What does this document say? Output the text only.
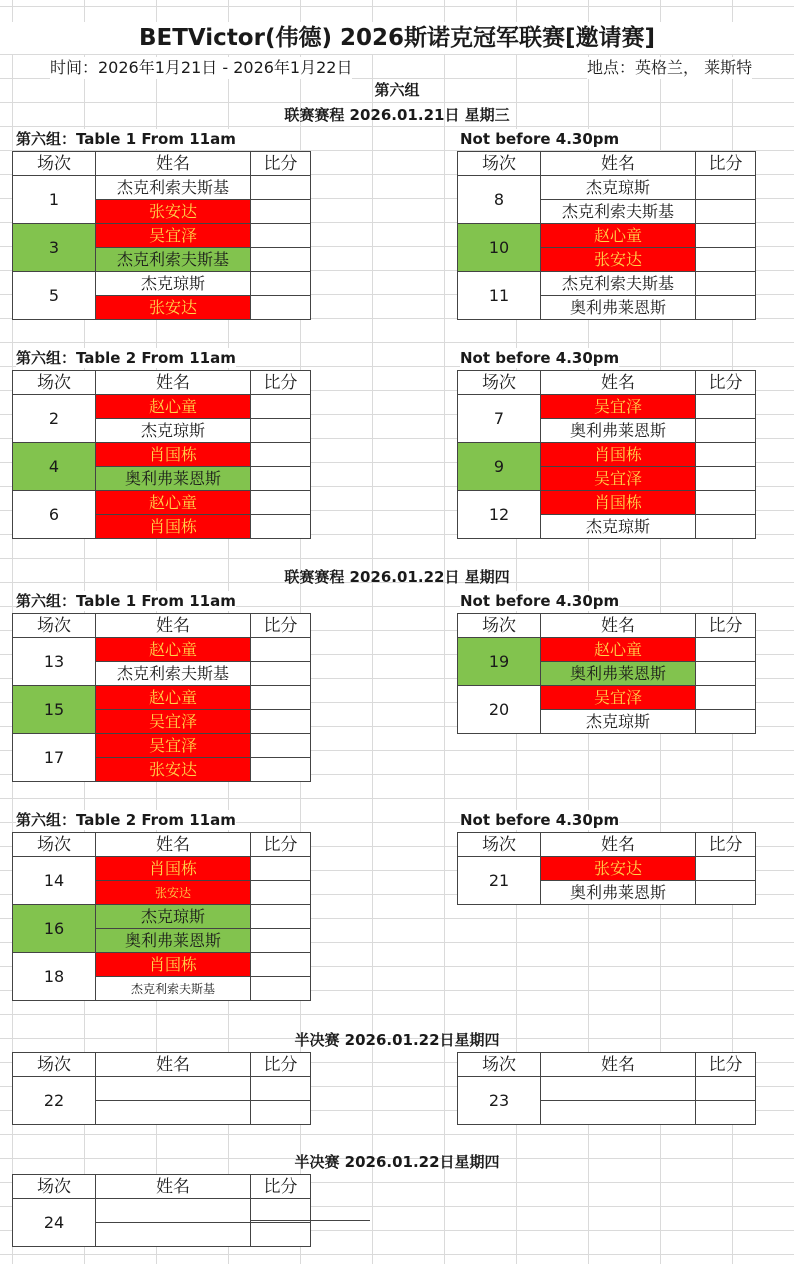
BETVictor(伟德) 2026斯诺克冠军联赛[邀请赛]
时间：2026年1月21日 - 2026年1月22日	地点：英格兰， 莱斯特
第六组
联赛赛程 2026.01.21日 星期三
第六组：Table 1 From 11am	Not before 4.30pm
场次	姓名	比分
1	杰克利索夫斯基	
	张安达	
3	吴宜泽	
	杰克利索夫斯基	
5	杰克琼斯	
	张安达	
场次	姓名	比分
8	杰克琼斯	
	杰克利索夫斯基	
10	赵心童	
	张安达	
11	杰克利索夫斯基	
	奥利弗莱恩斯	
第六组：Table 2 From 11am	Not before 4.30pm
场次	姓名	比分
2	赵心童	
	杰克琼斯	
4	肖国栋	
	奥利弗莱恩斯	
6	赵心童	
	肖国栋	
场次	姓名	比分
7	吴宜泽	
	奥利弗莱恩斯	
9	肖国栋	
	吴宜泽	
12	肖国栋	
	杰克琼斯	
联赛赛程 2026.01.22日 星期四
第六组：Table 1 From 11am	Not before 4.30pm
场次	姓名	比分
13	赵心童	
	杰克利索夫斯基	
15	赵心童	
	吴宜泽	
17	吴宜泽	
	张安达	
场次	姓名	比分
19	赵心童	
	奥利弗莱恩斯	
20	吴宜泽	
	杰克琼斯	
第六组：Table 2 From 11am	Not before 4.30pm
场次	姓名	比分
14	肖国栋	
	张安达	
16	杰克琼斯	
	奥利弗莱恩斯	
18	肖国栋	
	杰克利索夫斯基	
场次	姓名	比分
21	张安达	
	奥利弗莱恩斯	
半决赛 2026.01.22日星期四
场次	姓名	比分
22		

场次	姓名	比分
23		

半决赛 2026.01.22日星期四
场次	姓名	比分
24		
